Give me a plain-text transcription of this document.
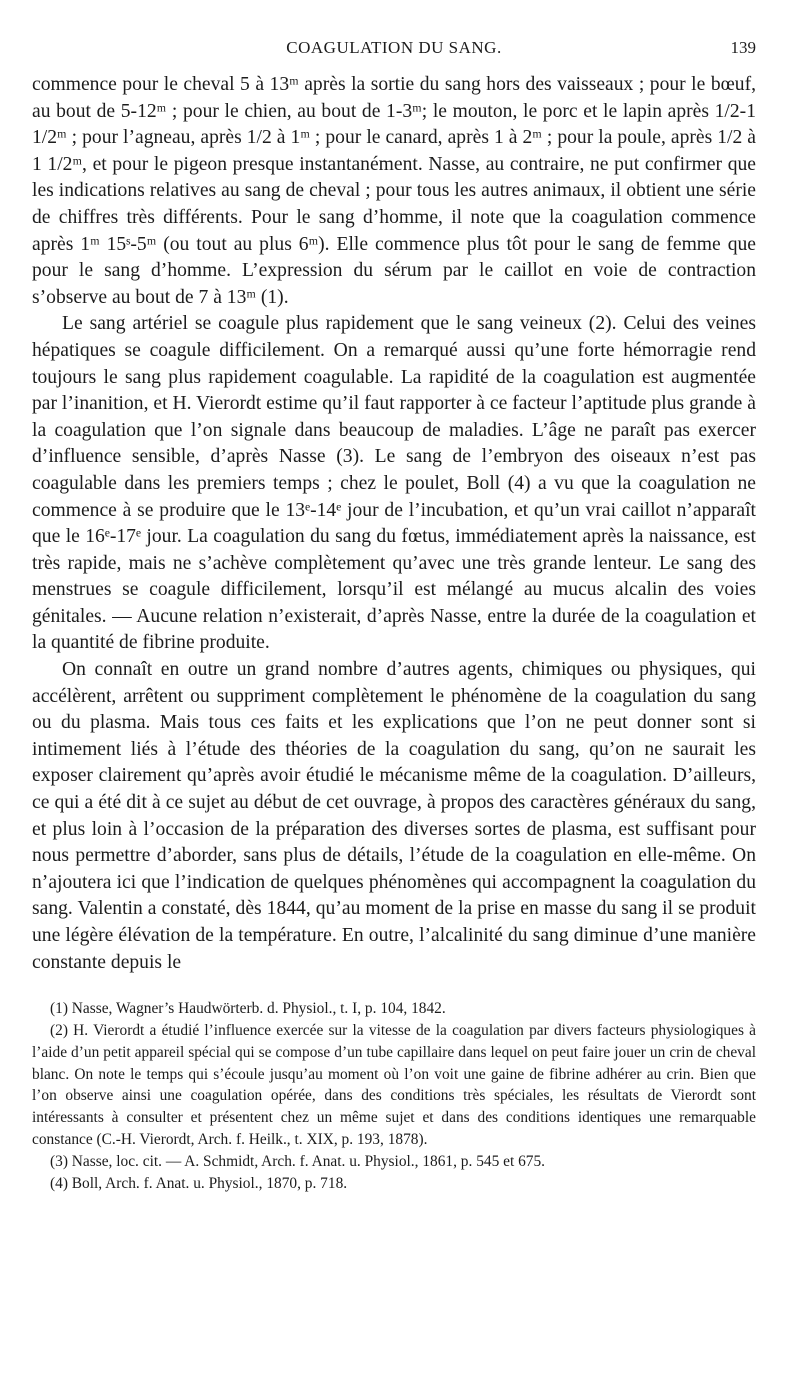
COAGULATION DU SANG.	139

commence pour le cheval 5 à 13ᵐ après la sortie du sang hors des vaisseaux ; pour le bœuf, au bout de 5-12ᵐ ; pour le chien, au bout de 1-3ᵐ; le mouton, le porc et le lapin après 1/2-1 1/2ᵐ ; pour l’agneau, après 1/2 à 1ᵐ ; pour le canard, après 1 à 2ᵐ ; pour la poule, après 1/2 à 1 1/2ᵐ, et pour le pigeon presque instantanément. Nasse, au contraire, ne put confirmer que les indications relatives au sang de cheval ; pour tous les autres animaux, il obtient une série de chiffres très différents. Pour le sang d’homme, il note que la coagulation commence après 1ᵐ 15ˢ-5ᵐ (ou tout au plus 6ᵐ). Elle commence plus tôt pour le sang de femme que pour le sang d’homme. L’expression du sérum par le caillot en voie de contraction s’observe au bout de 7 à 13ᵐ (1).

Le sang artériel se coagule plus rapidement que le sang veineux (2). Celui des veines hépatiques se coagule difficilement. On a remarqué aussi qu’une forte hémorragie rend toujours le sang plus rapidement coagulable. La rapidité de la coagulation est augmentée par l’inanition, et H. Vierordt estime qu’il faut rapporter à ce facteur l’aptitude plus grande à la coagulation que l’on signale dans beaucoup de maladies. L’âge ne paraît pas exercer d’influence sensible, d’après Nasse (3). Le sang de l’embryon des oiseaux n’est pas coagulable dans les premiers temps ; chez le poulet, Boll (4) a vu que la coagulation ne commence à se produire que le 13ᵉ-14ᵉ jour de l’incubation, et qu’un vrai caillot n’apparaît que le 16ᵉ-17ᵉ jour. La coagulation du sang du fœtus, immédiatement après la naissance, est très rapide, mais ne s’achève complètement qu’avec une très grande lenteur. Le sang des menstrues se coagule difficilement, lorsqu’il est mélangé au mucus alcalin des voies génitales. — Aucune relation n’existerait, d’après Nasse, entre la durée de la coagulation et la quantité de fibrine produite.

On connaît en outre un grand nombre d’autres agents, chimiques ou physiques, qui accélèrent, arrêtent ou suppriment complètement le phénomène de la coagulation du sang ou du plasma. Mais tous ces faits et les explications que l’on ne peut donner sont si intimement liés à l’étude des théories de la coagulation du sang, qu’on ne saurait les exposer clairement qu’après avoir étudié le mécanisme même de la coagulation. D’ailleurs, ce qui a été dit à ce sujet au début de cet ouvrage, à propos des caractères généraux du sang, et plus loin à l’occasion de la préparation des diverses sortes de plasma, est suffisant pour nous permettre d’aborder, sans plus de détails, l’étude de la coagulation en elle-même. On n’ajoutera ici que l’indication de quelques phénomènes qui accompagnent la coagulation du sang. Valentin a constaté, dès 1844, qu’au moment de la prise en masse du sang il se produit une légère élévation de la température. En outre, l’alcalinité du sang diminue d’une manière constante depuis le

(1) Nasse, Wagner’s Haudwörterb. d. Physiol., t. I, p. 104, 1842.

(2) H. Vierordt a étudié l’influence exercée sur la vitesse de la coagulation par divers facteurs physiologiques à l’aide d’un petit appareil spécial qui se compose d’un tube capillaire dans lequel on peut faire jouer un crin de cheval blanc. On note le temps qui s’écoule jusqu’au moment où l’on voit une gaine de fibrine adhérer au crin. Bien que l’on observe ainsi une coagulation opérée, dans des conditions très spéciales, les résultats de Vierordt sont intéressants à consulter et présentent chez un même sujet et dans des conditions identiques une remarquable constance (C.-H. Vierordt, Arch. f. Heilk., t. XIX, p. 193, 1878).

(3) Nasse, loc. cit. — A. Schmidt, Arch. f. Anat. u. Physiol., 1861, p. 545 et 675.

(4) Boll, Arch. f. Anat. u. Physiol., 1870, p. 718.
